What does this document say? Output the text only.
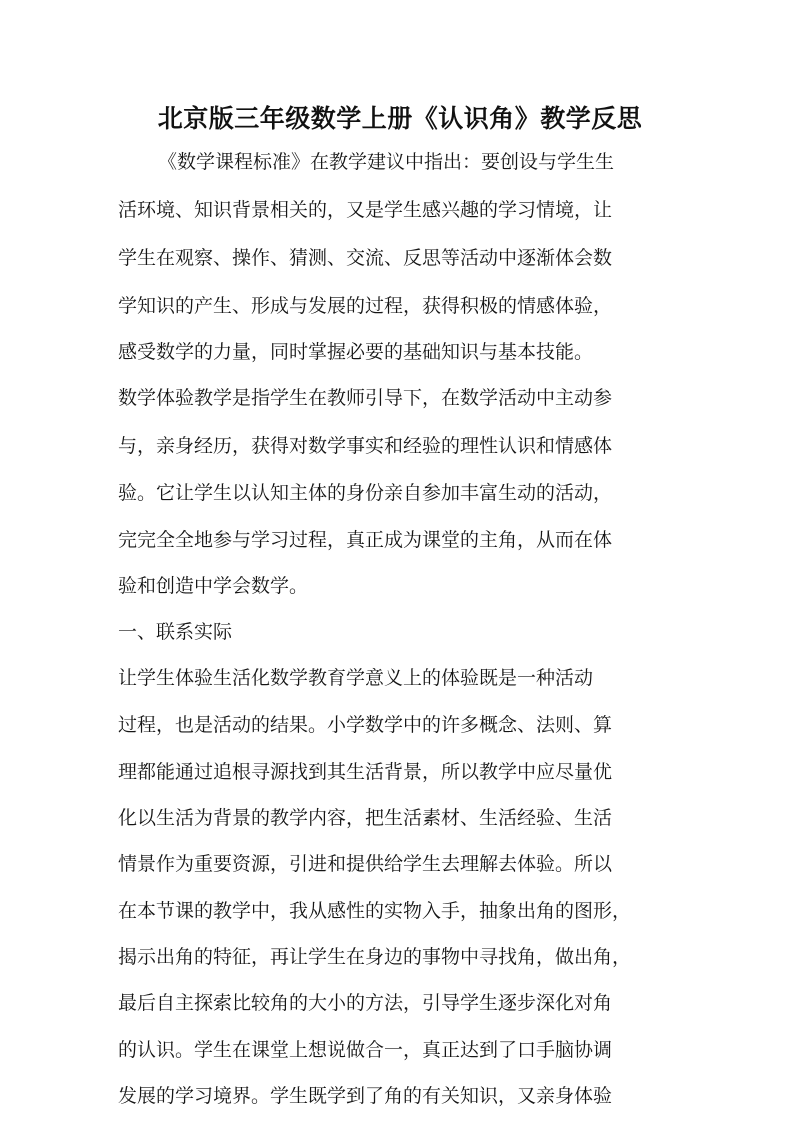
北京版三年级数学上册《认识角》教学反思
《数学课程标准》在教学建议中指出：要创设与学生生
活环境、知识背景相关的，又是学生感兴趣的学习情境，让
学生在观察、操作、猜测、交流、反思等活动中逐渐体会数
学知识的产生、形成与发展的过程，获得积极的情感体验，
感受数学的力量，同时掌握必要的基础知识与基本技能。
数学体验教学是指学生在教师引导下，在数学活动中主动参
与，亲身经历，获得对数学事实和经验的理性认识和情感体
验。它让学生以认知主体的身份亲自参加丰富生动的活动，
完完全全地参与学习过程，真正成为课堂的主角，从而在体
验和创造中学会数学。
一、联系实际
让学生体验生活化数学教育学意义上的体验既是一种活动
过程，也是活动的结果。小学数学中的许多概念、法则、算
理都能通过追根寻源找到其生活背景，所以教学中应尽量优
化以生活为背景的教学内容，把生活素材、生活经验、生活
情景作为重要资源，引进和提供给学生去理解去体验。所以
在本节课的教学中，我从感性的实物入手，抽象出角的图形，
揭示出角的特征，再让学生在身边的事物中寻找角，做出角，
最后自主探索比较角的大小的方法，引导学生逐步深化对角
的认识。学生在课堂上想说做合一，真正达到了口手脑协调
发展的学习境界。学生既学到了角的有关知识，又亲身体验
